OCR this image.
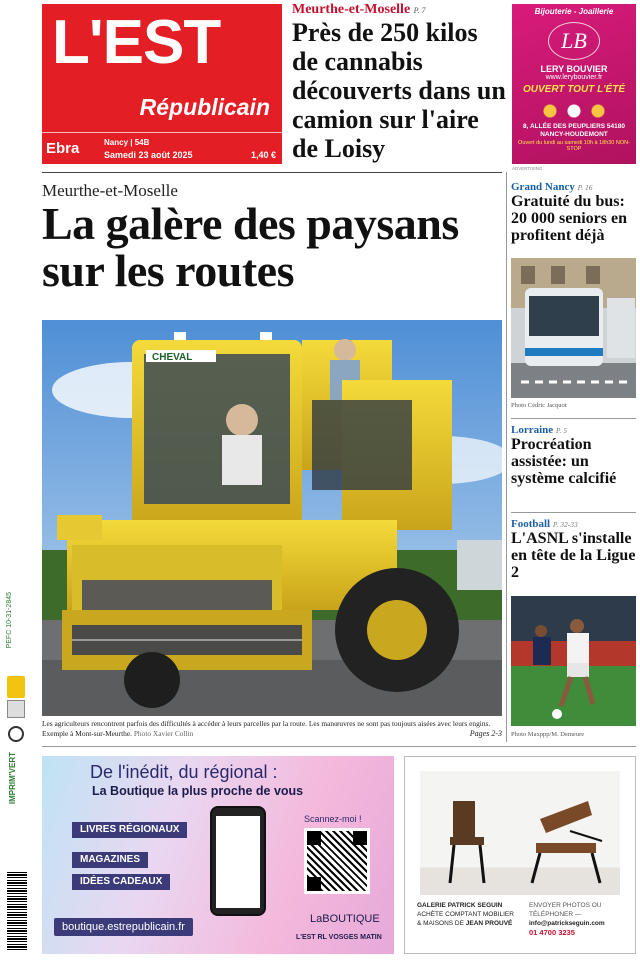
PEFC 10-31-2845
IMPRIM'VERT
L'EST
Républicain
Ebra	Nancy | 54B
Samedi 23 août 2025	1,40 €
Meurthe-et-Moselle P. 7
Près de 250 kilos de cannabis découverts dans un camion sur l'aire de Loisy
Bijouterie - Joaillerie
LB
LERY BOUVIER
www.lerybouvier.fr
OUVERT TOUT L'ÉTÉ
8, ALLÉE DES PEUPLIERS 54180 NANCY-HOUDEMONT
Ouvert du lundi au samedi 10h à 18h30 NON-STOP
ADVERTISING
Meurthe-et-Moselle
La galère des paysans sur les routes
CHEVAL
Les agriculteurs rencontrent parfois des difficultés à accéder à leurs parcelles par la route. Les manœuvres ne sont pas toujours aisées avec leurs engins. Exemple à Mont-sur-Meurthe. Photo Xavier Collin	Pages 2-3
Grand Nancy P. 16
Gratuité du bus: 20 000 seniors en profitent déjà
Photo Cédric Jacquot
Lorraine P. 5
Procréation assistée: un système calcifié
Football P. 32-33
L'ASNL s'installe en tête de la Ligue 2
Photo Maxppp/M. Demeure
De l'inédit, du régional :
La Boutique la plus proche de vous
LIVRES RÉGIONAUX
MAGAZINES
IDÉES CADEAUX
boutique.estrepublicain.fr
Scannez-moi !
LaBOUTIQUE
L'EST RL VOSGES MATIN
GALERIE PATRICK SEGUIN
ACHÈTE COMPTANT MOBILIER & MAISONS DE JEAN PROUVÉ
ENVOYER PHOTOS OU TÉLÉPHONER —
info@patrickseguin.com
01 4700 3235
